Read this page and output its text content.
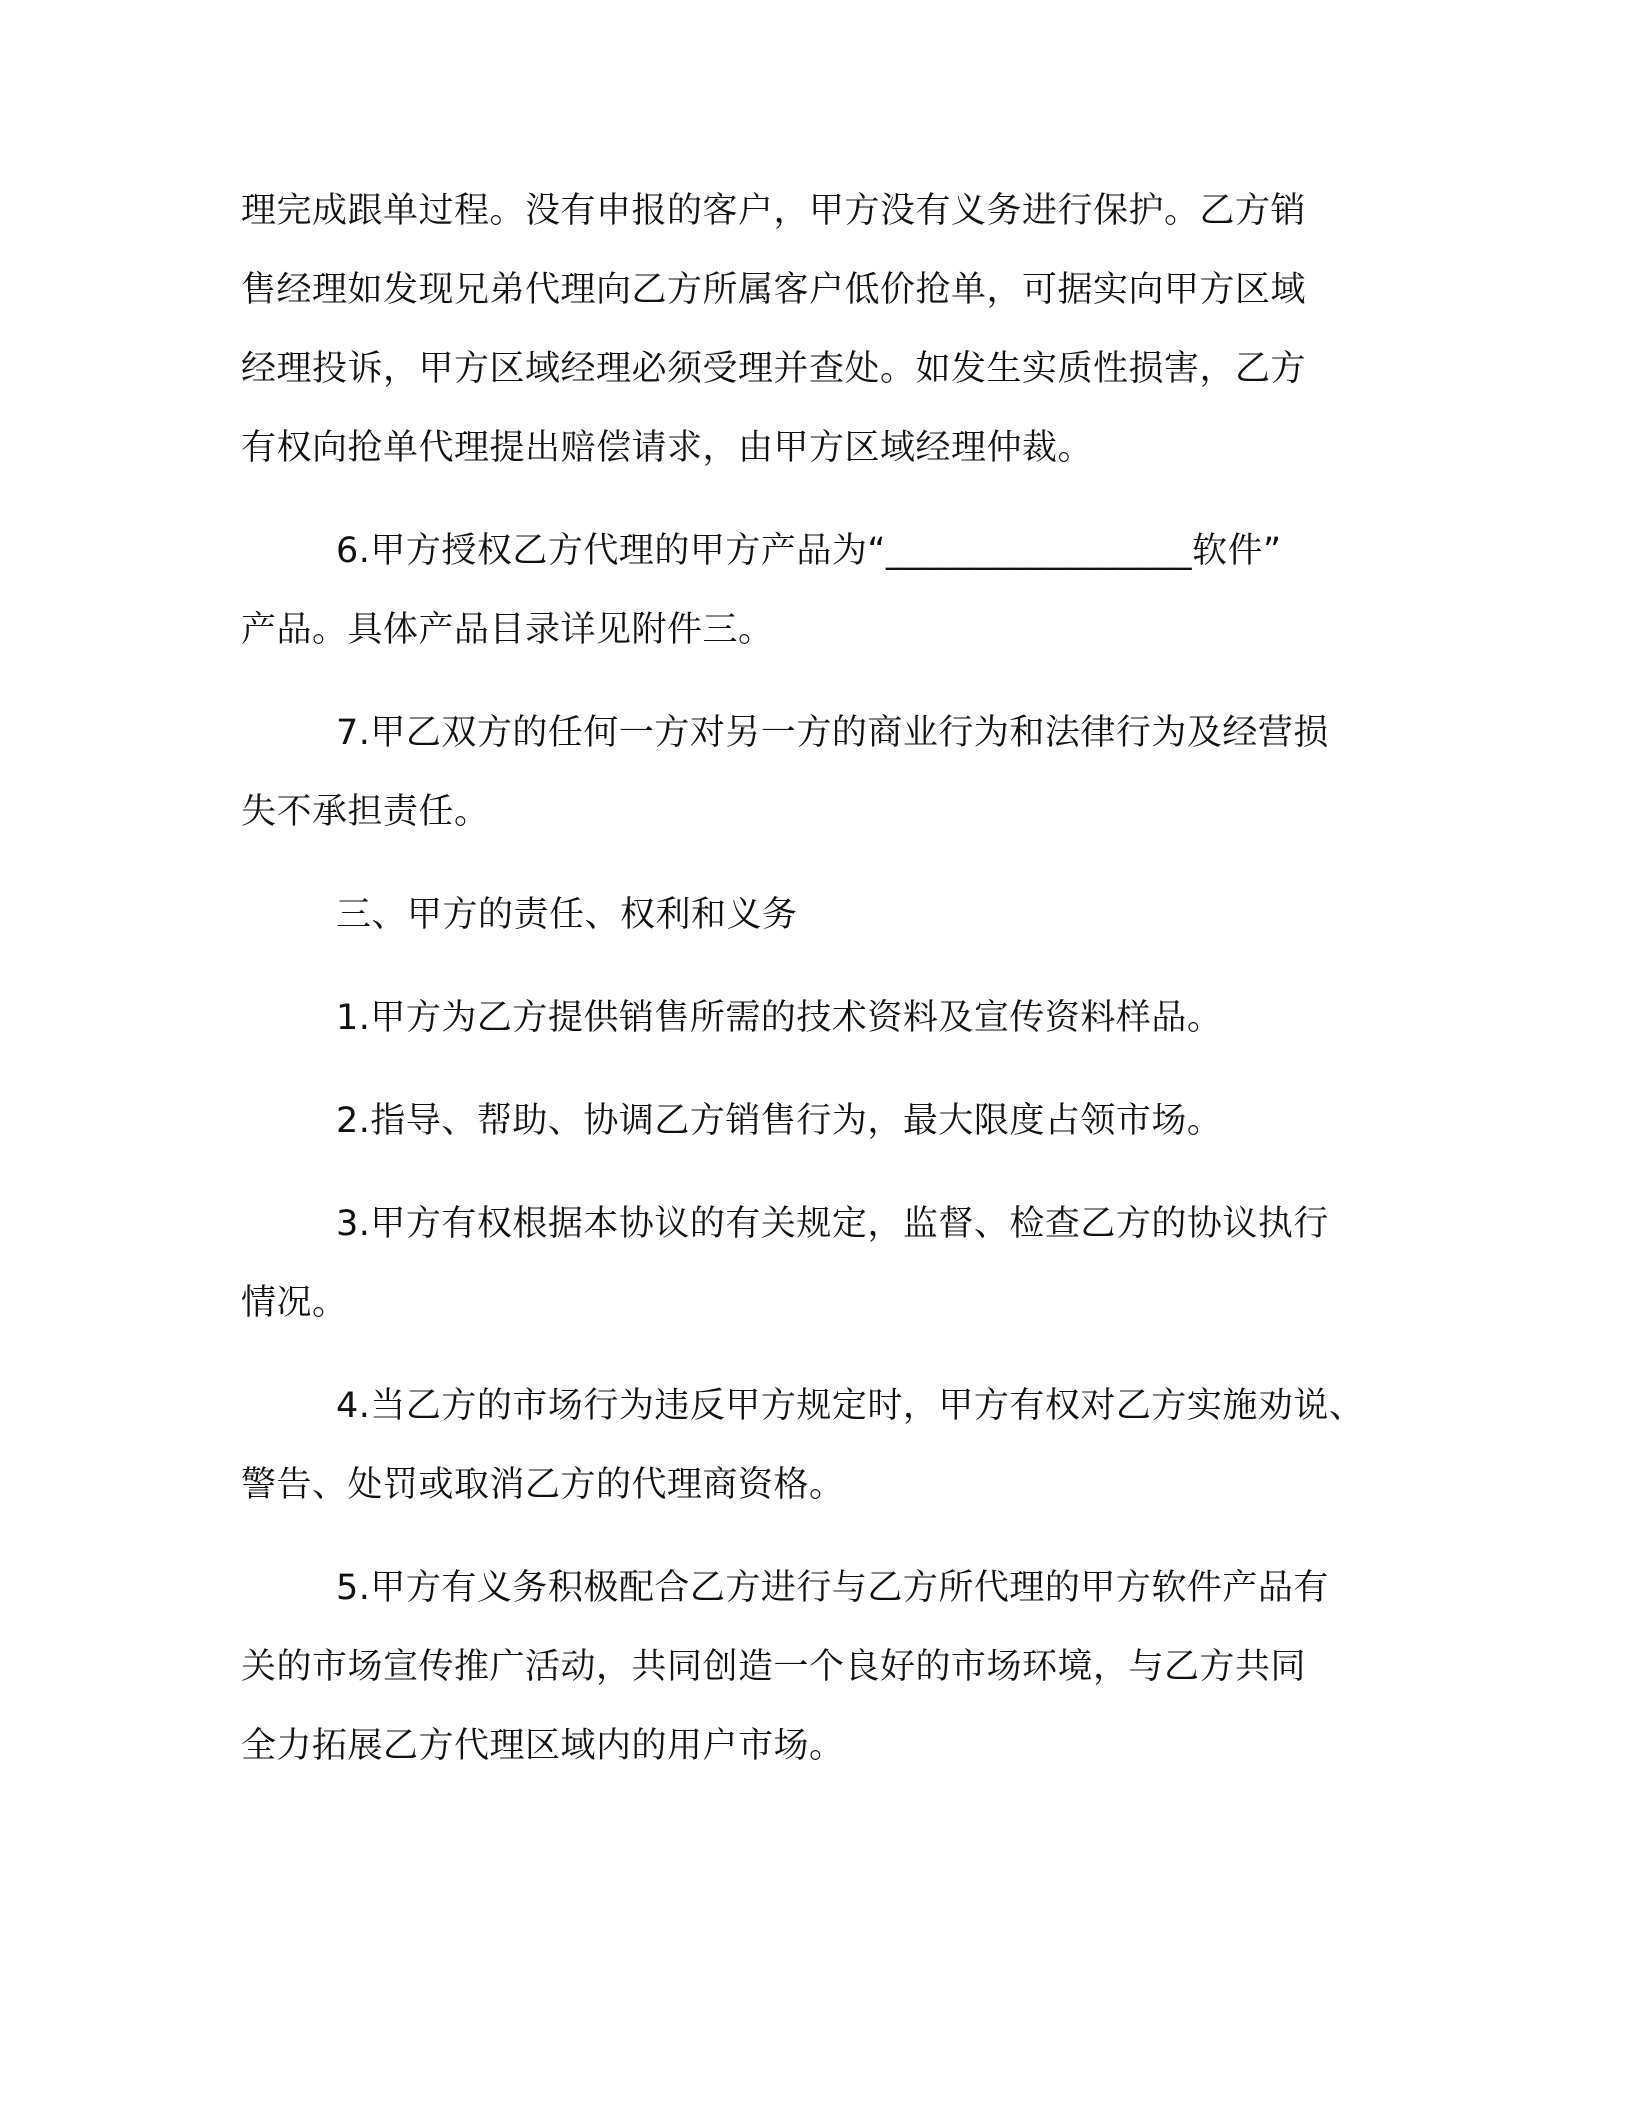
理完成跟单过程。没有申报的客户，甲方没有义务进行保护。乙方销
售经理如发现兄弟代理向乙方所属客户低价抢单，可据实向甲方区域
经理投诉，甲方区域经理必须受理并查处。如发生实质性损害，乙方
有权向抢单代理提出赔偿请求，由甲方区域经理仲裁。
6.甲方授权乙方代理的甲方产品为“_________________软件”
产品。具体产品目录详见附件三。
7.甲乙双方的任何一方对另一方的商业行为和法律行为及经营损
失不承担责任。
三、甲方的责任、权利和义务
1.甲方为乙方提供销售所需的技术资料及宣传资料样品。
2.指导、帮助、协调乙方销售行为，最大限度占领市场。
3.甲方有权根据本协议的有关规定，监督、检查乙方的协议执行
情况。
4.当乙方的市场行为违反甲方规定时，甲方有权对乙方实施劝说、
警告、处罚或取消乙方的代理商资格。
5.甲方有义务积极配合乙方进行与乙方所代理的甲方软件产品有
关的市场宣传推广活动，共同创造一个良好的市场环境，与乙方共同
全力拓展乙方代理区域内的用户市场。
